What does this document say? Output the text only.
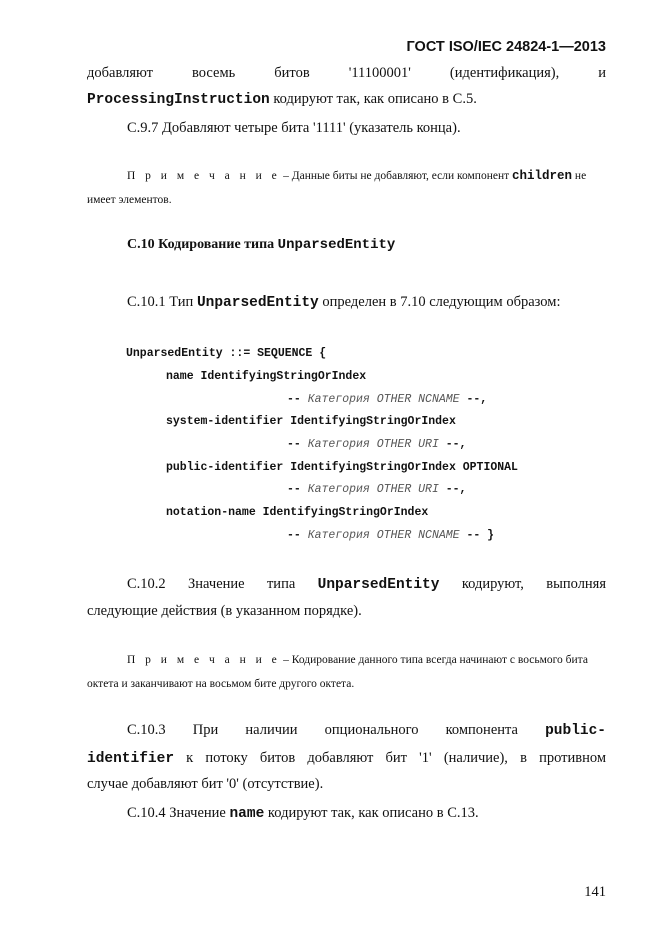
ГОСТ ISO/IEC 24824-1—2013
добавляют	восемь	битов	'11100001'	(идентификация),	и
ProcessingInstruction кодируют так, как описано в С.5.
С.9.7 Добавляют четыре бита '1111' (указатель конца).
П р и м е ч а н и е – Данные биты не добавляют, если компонент children не
имеет элементов.
С.10 Кодирование типа UnparsedEntity
С.10.1 Тип UnparsedEntity определен в 7.10 следующим образом:
UnparsedEntity ::= SEQUENCE {
name IdentifyingStringOrIndex
-- Категория OTHER NCNAME --,
system-identifier IdentifyingStringOrIndex
-- Категория OTHER URI --,
public-identifier IdentifyingStringOrIndex OPTIONAL
-- Категория OTHER URI --,
notation-name IdentifyingStringOrIndex
-- Категория OTHER NCNAME -- }
С.10.2 Значение типа UnparsedEntity кодируют, выполняя
следующие действия (в указанном порядке).
П р и м е ч а н и е – Кодирование данного типа всегда начинают с восьмого бита
октета и заканчивают на восьмом бите другого октета.
С.10.3 При наличии опционального компонента public-
identifier к потоку битов добавляют бит '1' (наличие), в противном
случае добавляют бит '0' (отсутствие).
С.10.4 Значение name кодируют так, как описано в С.13.
141
